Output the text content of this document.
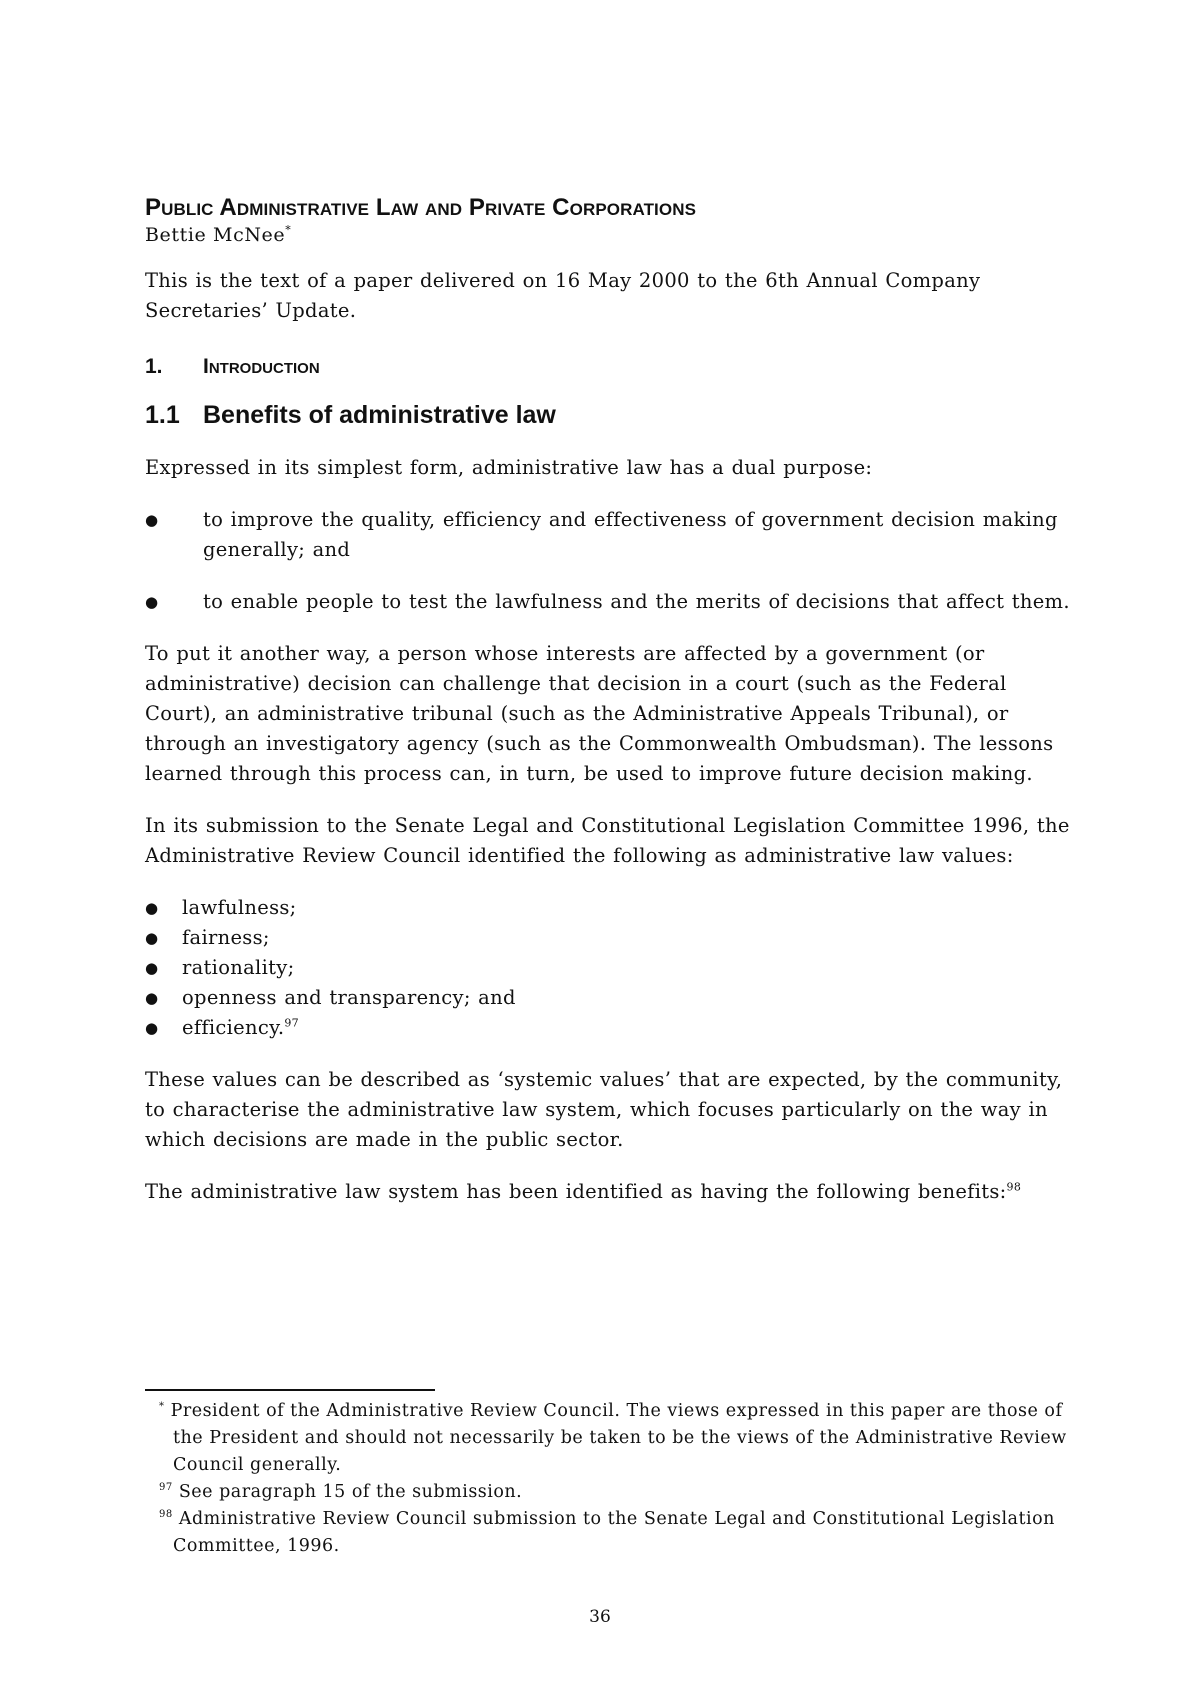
Public Administrative Law and Private Corporations
Bettie McNee*

This is the text of a paper delivered on 16 May 2000 to the 6th Annual Company Secretaries’ Update.

1.	Introduction
1.1 Benefits of administrative law

Expressed in its simplest form, administrative law has a dual purpose:

●	to improve the quality, efficiency and effectiveness of government decision making generally; and
●	to enable people to test the lawfulness and the merits of decisions that affect them.

To put it another way, a person whose interests are affected by a government (or administrative) decision can challenge that decision in a court (such as the Federal Court), an administrative tribunal (such as the Administrative Appeals Tribunal), or through an investigatory agency (such as the Commonwealth Ombudsman). The lessons learned through this process can, in turn, be used to improve future decision making.

In its submission to the Senate Legal and Constitutional Legislation Committee 1996, the Administrative Review Council identified the following as administrative law values:

●	lawfulness;
●	fairness;
●	rationality;
●	openness and transparency; and
●	efficiency.$^{97}$

These values can be described as ‘systemic values’ that are expected, by the community, to characterise the administrative law system, which focuses particularly on the way in which decisions are made in the public sector.

The administrative law system has been identified as having the following benefits:$^{98}$

* President of the Administrative Review Council. The views expressed in this paper are those of the President and should not necessarily be taken to be the views of the Administrative Review Council generally.
$^{97}$ See paragraph 15 of the submission.
$^{98}$ Administrative Review Council submission to the Senate Legal and Constitutional Legislation Committee, 1996.
36
